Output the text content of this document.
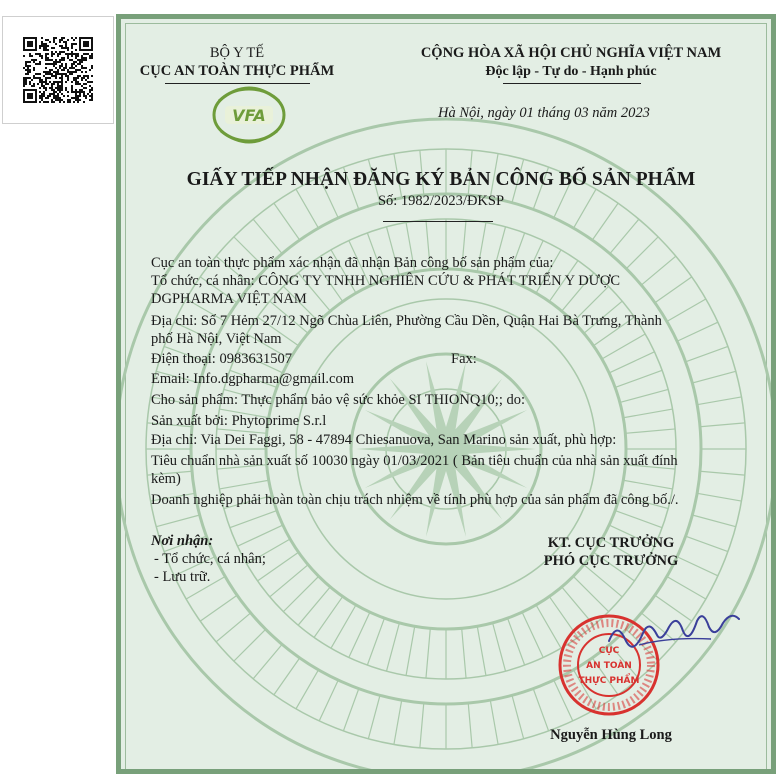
BỘ Y TẾ
CỤC AN TOÀN THỰC PHẨM
VFA
CỘNG HÒA XÃ HỘI CHỦ NGHĨA VIỆT NAM
Độc lập - Tự do - Hạnh phúc
Hà Nội, ngày 01 tháng 03 năm 2023
GIẤY TIẾP NHẬN ĐĂNG KÝ BẢN CÔNG BỐ SẢN PHẨM
Số: 1982/2023/ĐKSP
Cục an toàn thực phẩm xác nhận đã nhận Bản công bố sản phẩm của:
Tổ chức, cá nhân: CÔNG TY TNHH NGHIÊN CỨU & PHÁT TRIỂN Y DƯỢC
DGPHARMA VIỆT NAM
Địa chỉ: Số 7 Hẻm 27/12 Ngõ Chùa Liên, Phường Cầu Dền, Quận Hai Bà Trưng, Thành
phố Hà Nội, Việt Nam
Điện thoại: 0983631507	Fax:
Email: Info.dgpharma@gmail.com
Cho sản phẩm: Thực phẩm bảo vệ sức khỏe SI THIONQ10;; do:
Sản xuất bởi: Phytoprime S.r.l
Địa chỉ: Via Dei Faggi, 58 - 47894 Chiesanuova, San Marino sản xuất, phù hợp:
Tiêu chuẩn nhà sản xuất số 10030 ngày 01/03/2021 ( Bản tiêu chuẩn của nhà sản xuất đính
kèm)
Doanh nghiệp phải hoàn toàn chịu trách nhiệm về tính phù hợp của sản phẩm đã công bố./.
Nơi nhận:
- Tổ chức, cá nhân;
- Lưu trữ.
KT. CỤC TRƯỞNG
PHÓ CỤC TRƯỞNG
CỤC
AN TOÀN
THỰC PHẨM
Nguyễn Hùng Long
